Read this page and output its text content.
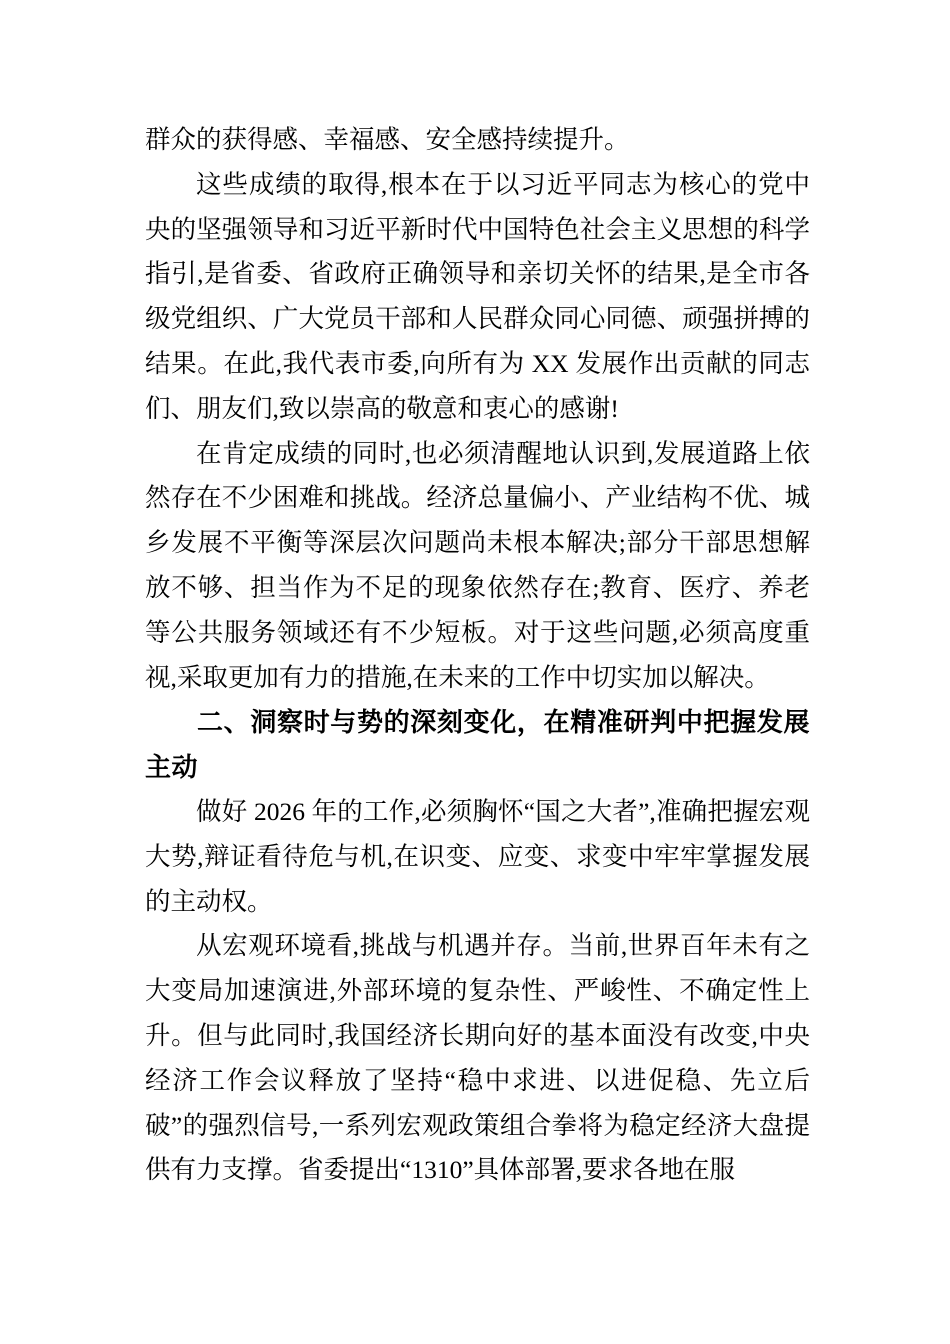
群众的获得感、幸福感、安全感持续提升。

这些成绩的取得,根本在于以习近平同志为核心的党中央的坚强领导和习近平新时代中国特色社会主义思想的科学指引,是省委、省政府正确领导和亲切关怀的结果,是全市各级党组织、广大党员干部和人民群众同心同德、顽强拼搏的结果。在此,我代表市委,向所有为 XX 发展作出贡献的同志们、朋友们,致以崇高的敬意和衷心的感谢!

在肯定成绩的同时,也必须清醒地认识到,发展道路上依然存在不少困难和挑战。经济总量偏小、产业结构不优、城乡发展不平衡等深层次问题尚未根本解决;部分干部思想解放不够、担当作为不足的现象依然存在;教育、医疗、养老等公共服务领域还有不少短板。对于这些问题,必须高度重视,采取更加有力的措施,在未来的工作中切实加以解决。

二、洞察时与势的深刻变化，在精准研判中把握发展主动

做好 2026 年的工作,必须胸怀“国之大者”,准确把握宏观大势,辩证看待危与机,在识变、应变、求变中牢牢掌握发展的主动权。

从宏观环境看,挑战与机遇并存。当前,世界百年未有之大变局加速演进,外部环境的复杂性、严峻性、不确定性上升。但与此同时,我国经济长期向好的基本面没有改变,中央经济工作会议释放了坚持“稳中求进、以进促稳、先立后破”的强烈信号,一系列宏观政策组合拳将为稳定经济大盘提供有力支撑。省委提出“1310”具体部署,要求各地在服
